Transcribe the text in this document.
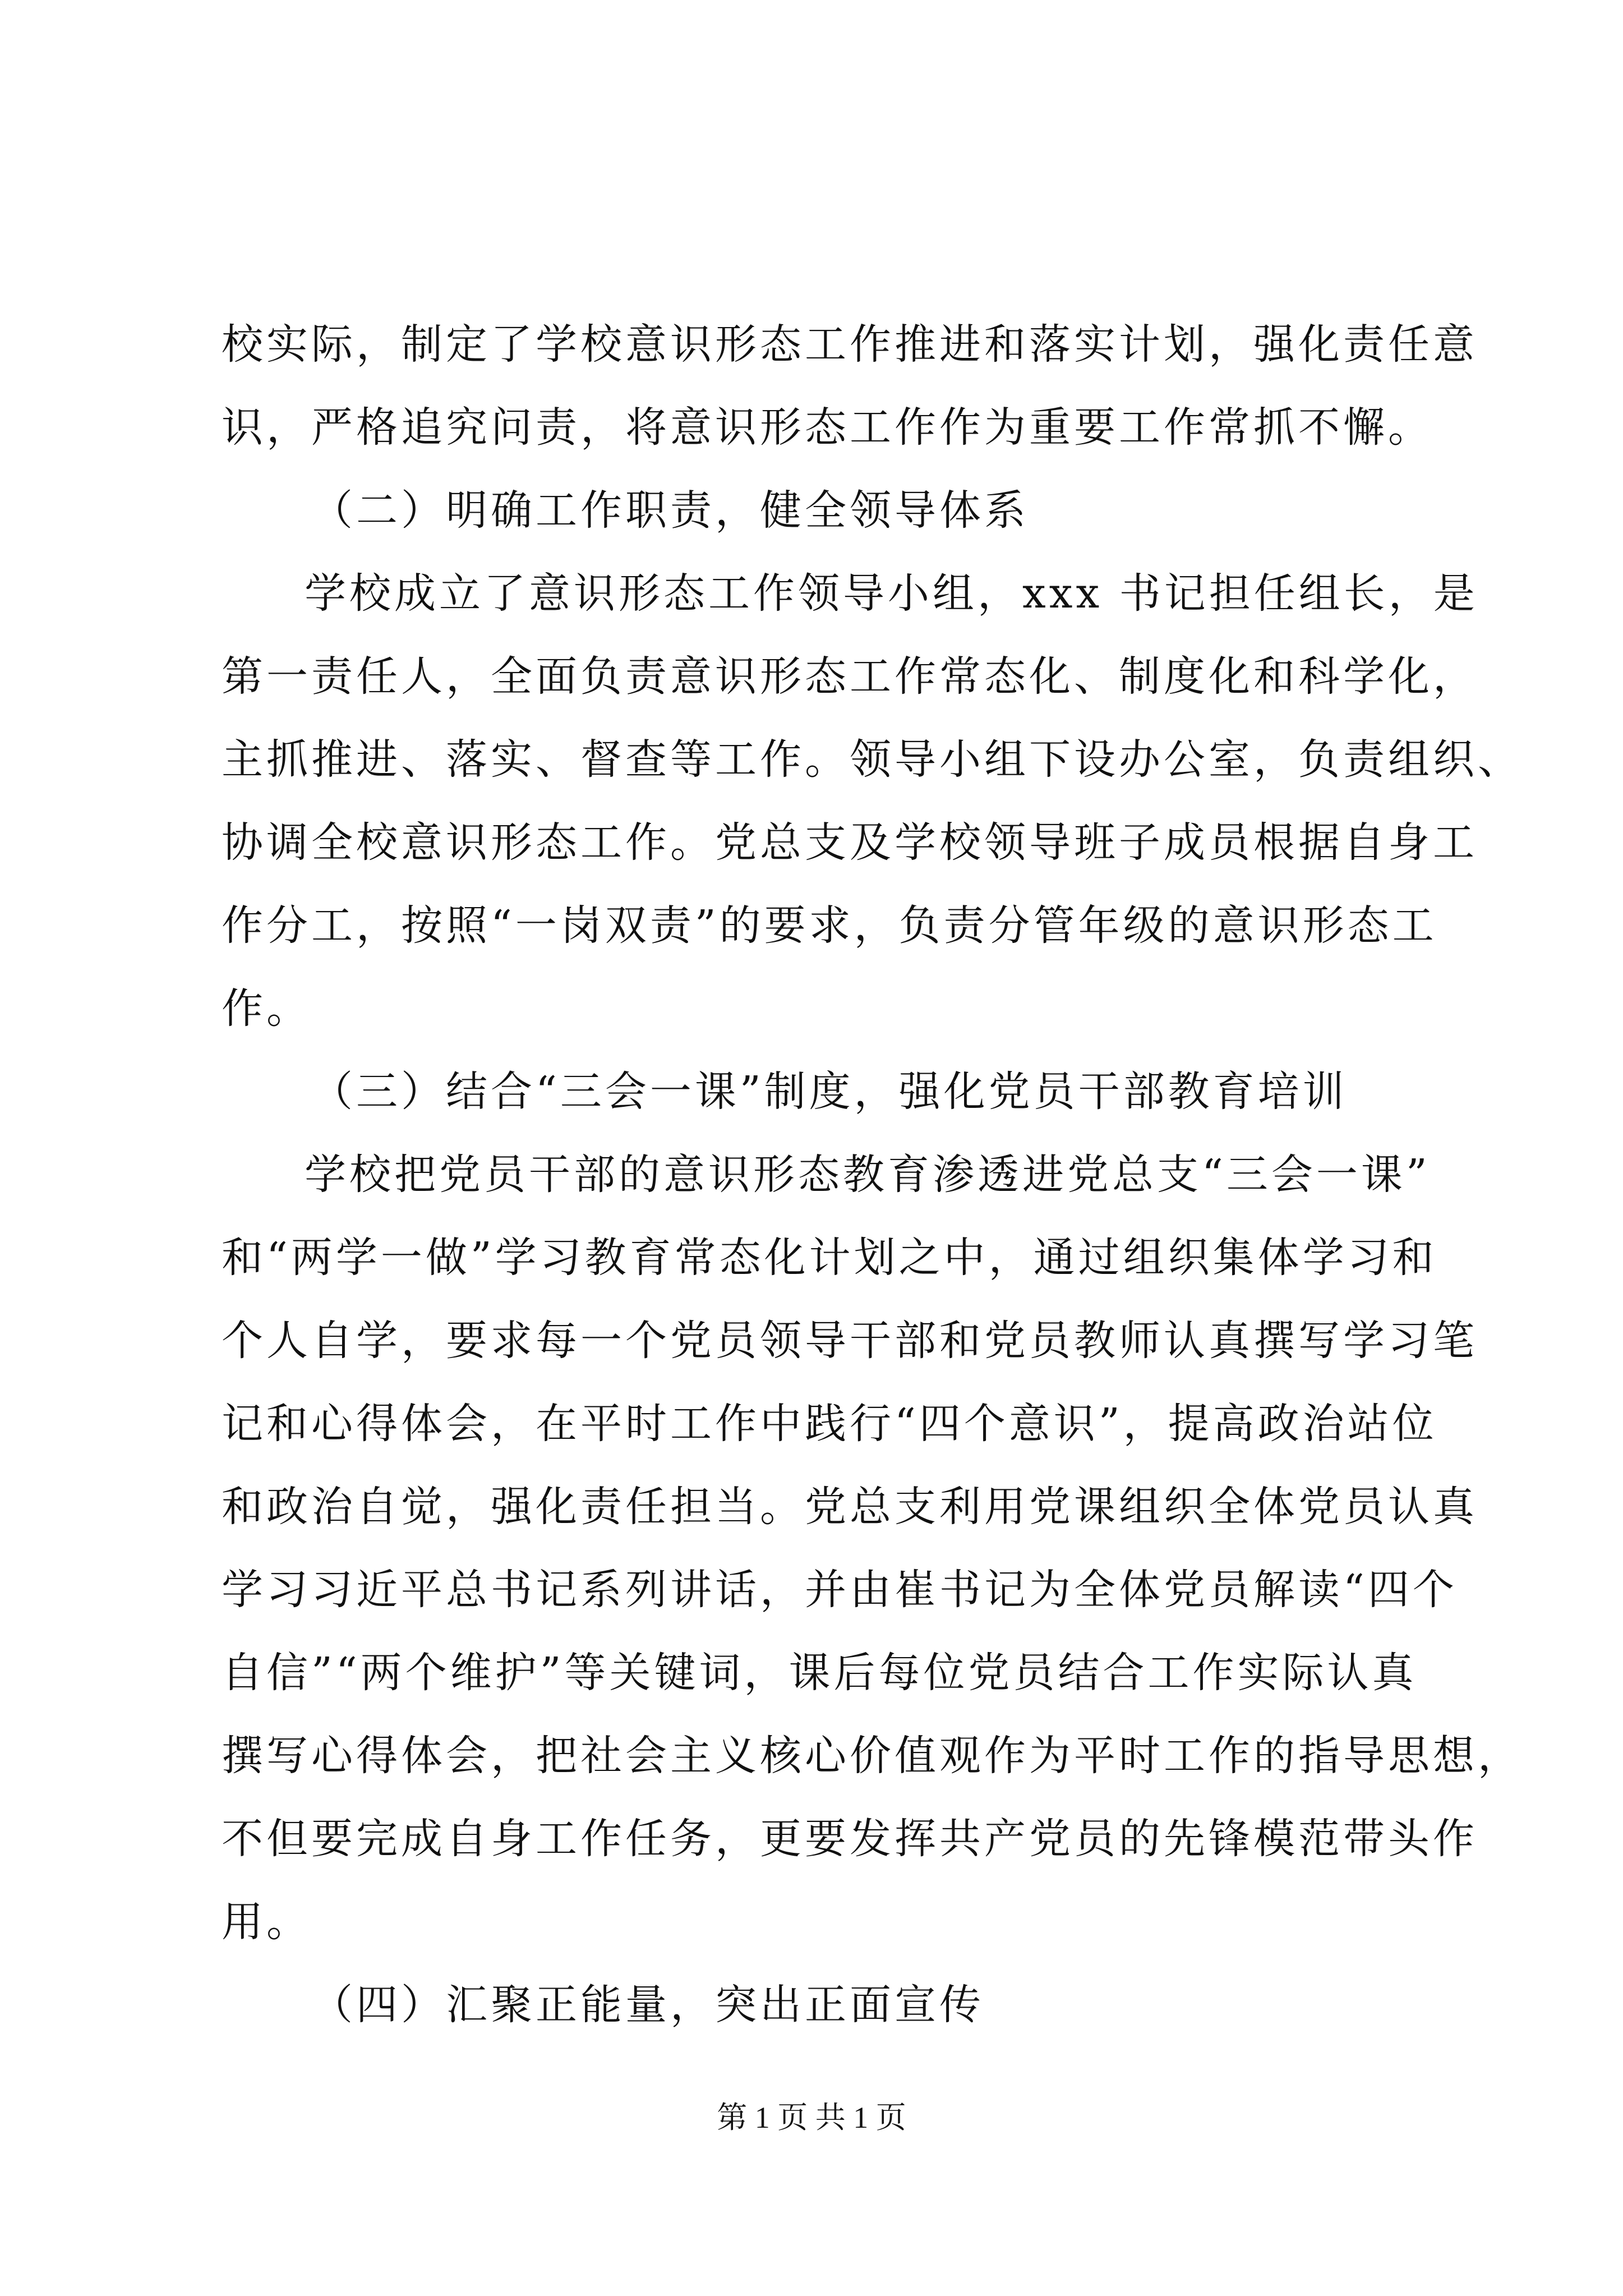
校实际，制定了学校意识形态工作推进和落实计划，强化责任意
识，严格追究问责，将意识形态工作作为重要工作常抓不懈。
（二）明确工作职责，健全领导体系
学校成立了意识形态工作领导小组，xxx 书记担任组长，是
第一责任人，全面负责意识形态工作常态化、制度化和科学化，
主抓推进、落实、督查等工作。领导小组下设办公室，负责组织、
协调全校意识形态工作。党总支及学校领导班子成员根据自身工
作分工，按照“一岗双责”的要求，负责分管年级的意识形态工
作。
（三）结合“三会一课”制度，强化党员干部教育培训
学校把党员干部的意识形态教育渗透进党总支“三会一课”
和“两学一做”学习教育常态化计划之中，通过组织集体学习和
个人自学，要求每一个党员领导干部和党员教师认真撰写学习笔
记和心得体会，在平时工作中践行“四个意识”，提高政治站位
和政治自觉，强化责任担当。党总支利用党课组织全体党员认真
学习习近平总书记系列讲话，并由崔书记为全体党员解读“四个
自信”“两个维护”等关键词，课后每位党员结合工作实际认真
撰写心得体会，把社会主义核心价值观作为平时工作的指导思想，
不但要完成自身工作任务，更要发挥共产党员的先锋模范带头作
用。
（四）汇聚正能量，突出正面宣传
第 1 页 共 1 页
